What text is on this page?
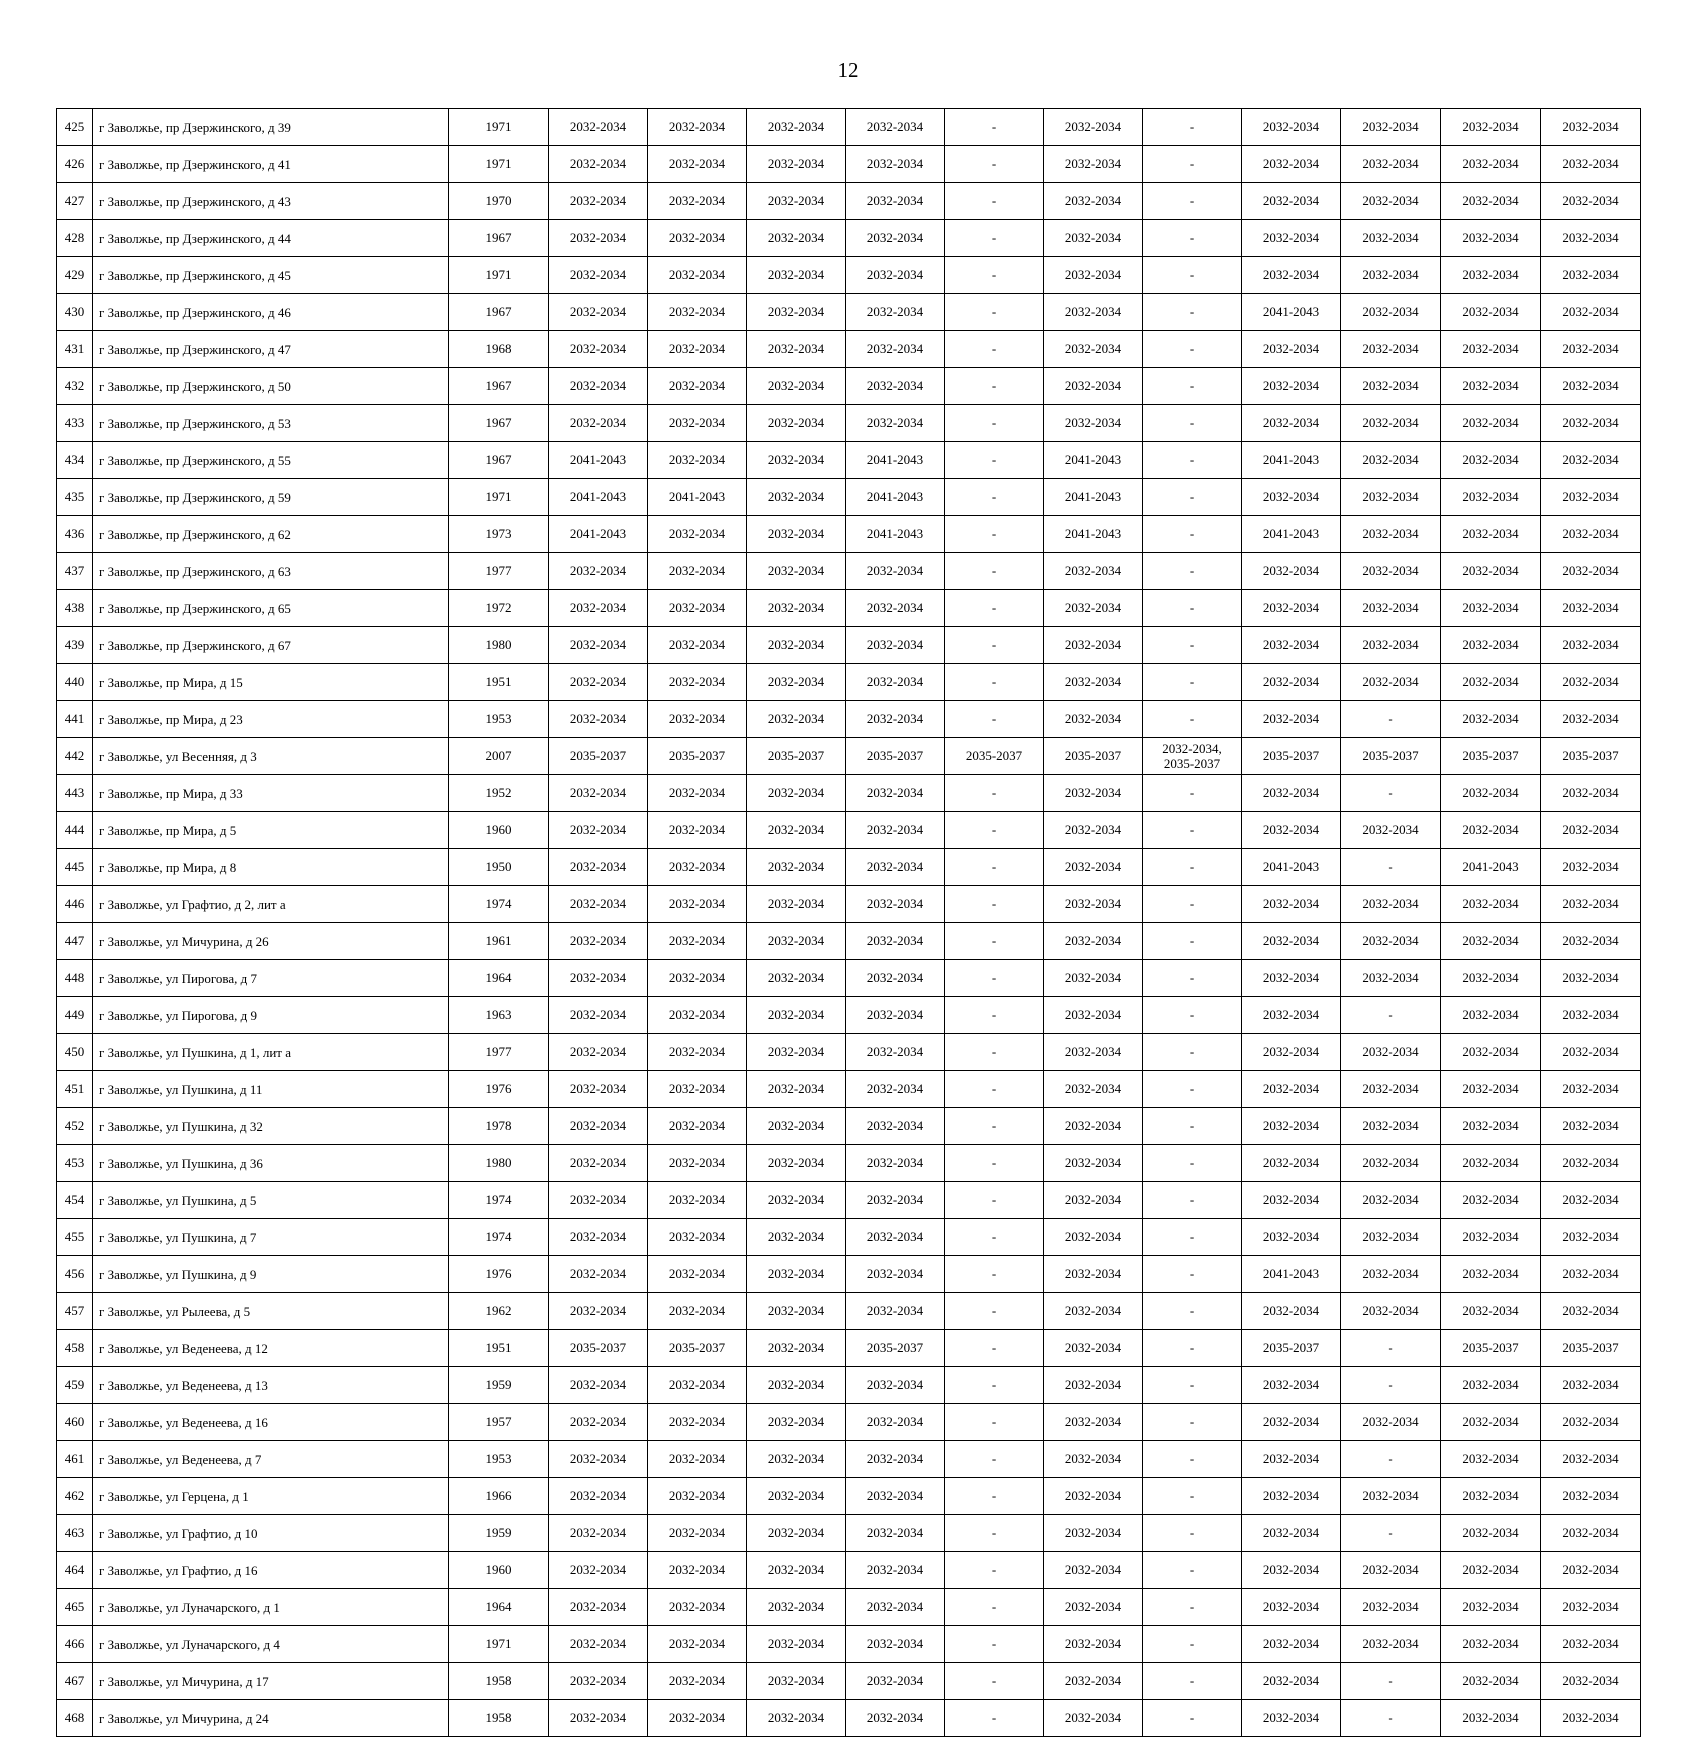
12
425	г Заволжье, пр Дзержинского, д 39	1971	2032-2034	2032-2034	2032-2034	2032-2034	-	2032-2034	-	2032-2034	2032-2034	2032-2034	2032-2034
426	г Заволжье, пр Дзержинского, д 41	1971	2032-2034	2032-2034	2032-2034	2032-2034	-	2032-2034	-	2032-2034	2032-2034	2032-2034	2032-2034
427	г Заволжье, пр Дзержинского, д 43	1970	2032-2034	2032-2034	2032-2034	2032-2034	-	2032-2034	-	2032-2034	2032-2034	2032-2034	2032-2034
428	г Заволжье, пр Дзержинского, д 44	1967	2032-2034	2032-2034	2032-2034	2032-2034	-	2032-2034	-	2032-2034	2032-2034	2032-2034	2032-2034
429	г Заволжье, пр Дзержинского, д 45	1971	2032-2034	2032-2034	2032-2034	2032-2034	-	2032-2034	-	2032-2034	2032-2034	2032-2034	2032-2034
430	г Заволжье, пр Дзержинского, д 46	1967	2032-2034	2032-2034	2032-2034	2032-2034	-	2032-2034	-	2041-2043	2032-2034	2032-2034	2032-2034
431	г Заволжье, пр Дзержинского, д 47	1968	2032-2034	2032-2034	2032-2034	2032-2034	-	2032-2034	-	2032-2034	2032-2034	2032-2034	2032-2034
432	г Заволжье, пр Дзержинского, д 50	1967	2032-2034	2032-2034	2032-2034	2032-2034	-	2032-2034	-	2032-2034	2032-2034	2032-2034	2032-2034
433	г Заволжье, пр Дзержинского, д 53	1967	2032-2034	2032-2034	2032-2034	2032-2034	-	2032-2034	-	2032-2034	2032-2034	2032-2034	2032-2034
434	г Заволжье, пр Дзержинского, д 55	1967	2041-2043	2032-2034	2032-2034	2041-2043	-	2041-2043	-	2041-2043	2032-2034	2032-2034	2032-2034
435	г Заволжье, пр Дзержинского, д 59	1971	2041-2043	2041-2043	2032-2034	2041-2043	-	2041-2043	-	2032-2034	2032-2034	2032-2034	2032-2034
436	г Заволжье, пр Дзержинского, д 62	1973	2041-2043	2032-2034	2032-2034	2041-2043	-	2041-2043	-	2041-2043	2032-2034	2032-2034	2032-2034
437	г Заволжье, пр Дзержинского, д 63	1977	2032-2034	2032-2034	2032-2034	2032-2034	-	2032-2034	-	2032-2034	2032-2034	2032-2034	2032-2034
438	г Заволжье, пр Дзержинского, д 65	1972	2032-2034	2032-2034	2032-2034	2032-2034	-	2032-2034	-	2032-2034	2032-2034	2032-2034	2032-2034
439	г Заволжье, пр Дзержинского, д 67	1980	2032-2034	2032-2034	2032-2034	2032-2034	-	2032-2034	-	2032-2034	2032-2034	2032-2034	2032-2034
440	г Заволжье, пр Мира, д 15	1951	2032-2034	2032-2034	2032-2034	2032-2034	-	2032-2034	-	2032-2034	2032-2034	2032-2034	2032-2034
441	г Заволжье, пр Мира, д 23	1953	2032-2034	2032-2034	2032-2034	2032-2034	-	2032-2034	-	2032-2034	-	2032-2034	2032-2034
442	г Заволжье, ул Весенняя, д 3	2007	2035-2037	2035-2037	2035-2037	2035-2037	2035-2037	2035-2037	2032-2034, 2035-2037	2035-2037	2035-2037	2035-2037	2035-2037
443	г Заволжье, пр Мира, д 33	1952	2032-2034	2032-2034	2032-2034	2032-2034	-	2032-2034	-	2032-2034	-	2032-2034	2032-2034
444	г Заволжье, пр Мира, д 5	1960	2032-2034	2032-2034	2032-2034	2032-2034	-	2032-2034	-	2032-2034	2032-2034	2032-2034	2032-2034
445	г Заволжье, пр Мира, д 8	1950	2032-2034	2032-2034	2032-2034	2032-2034	-	2032-2034	-	2041-2043	-	2041-2043	2032-2034
446	г Заволжье, ул Графтио, д 2, лит а	1974	2032-2034	2032-2034	2032-2034	2032-2034	-	2032-2034	-	2032-2034	2032-2034	2032-2034	2032-2034
447	г Заволжье, ул Мичурина, д 26	1961	2032-2034	2032-2034	2032-2034	2032-2034	-	2032-2034	-	2032-2034	2032-2034	2032-2034	2032-2034
448	г Заволжье, ул Пирогова, д 7	1964	2032-2034	2032-2034	2032-2034	2032-2034	-	2032-2034	-	2032-2034	2032-2034	2032-2034	2032-2034
449	г Заволжье, ул Пирогова, д 9	1963	2032-2034	2032-2034	2032-2034	2032-2034	-	2032-2034	-	2032-2034	-	2032-2034	2032-2034
450	г Заволжье, ул Пушкина, д 1, лит а	1977	2032-2034	2032-2034	2032-2034	2032-2034	-	2032-2034	-	2032-2034	2032-2034	2032-2034	2032-2034
451	г Заволжье, ул Пушкина, д 11	1976	2032-2034	2032-2034	2032-2034	2032-2034	-	2032-2034	-	2032-2034	2032-2034	2032-2034	2032-2034
452	г Заволжье, ул Пушкина, д 32	1978	2032-2034	2032-2034	2032-2034	2032-2034	-	2032-2034	-	2032-2034	2032-2034	2032-2034	2032-2034
453	г Заволжье, ул Пушкина, д 36	1980	2032-2034	2032-2034	2032-2034	2032-2034	-	2032-2034	-	2032-2034	2032-2034	2032-2034	2032-2034
454	г Заволжье, ул Пушкина, д 5	1974	2032-2034	2032-2034	2032-2034	2032-2034	-	2032-2034	-	2032-2034	2032-2034	2032-2034	2032-2034
455	г Заволжье, ул Пушкина, д 7	1974	2032-2034	2032-2034	2032-2034	2032-2034	-	2032-2034	-	2032-2034	2032-2034	2032-2034	2032-2034
456	г Заволжье, ул Пушкина, д 9	1976	2032-2034	2032-2034	2032-2034	2032-2034	-	2032-2034	-	2041-2043	2032-2034	2032-2034	2032-2034
457	г Заволжье, ул Рылеева, д 5	1962	2032-2034	2032-2034	2032-2034	2032-2034	-	2032-2034	-	2032-2034	2032-2034	2032-2034	2032-2034
458	г Заволжье, ул Веденеева, д 12	1951	2035-2037	2035-2037	2032-2034	2035-2037	-	2032-2034	-	2035-2037	-	2035-2037	2035-2037
459	г Заволжье, ул Веденеева, д 13	1959	2032-2034	2032-2034	2032-2034	2032-2034	-	2032-2034	-	2032-2034	-	2032-2034	2032-2034
460	г Заволжье, ул Веденеева, д 16	1957	2032-2034	2032-2034	2032-2034	2032-2034	-	2032-2034	-	2032-2034	2032-2034	2032-2034	2032-2034
461	г Заволжье, ул Веденеева, д 7	1953	2032-2034	2032-2034	2032-2034	2032-2034	-	2032-2034	-	2032-2034	-	2032-2034	2032-2034
462	г Заволжье, ул Герцена, д 1	1966	2032-2034	2032-2034	2032-2034	2032-2034	-	2032-2034	-	2032-2034	2032-2034	2032-2034	2032-2034
463	г Заволжье, ул Графтио, д 10	1959	2032-2034	2032-2034	2032-2034	2032-2034	-	2032-2034	-	2032-2034	-	2032-2034	2032-2034
464	г Заволжье, ул Графтио, д 16	1960	2032-2034	2032-2034	2032-2034	2032-2034	-	2032-2034	-	2032-2034	2032-2034	2032-2034	2032-2034
465	г Заволжье, ул Луначарского, д 1	1964	2032-2034	2032-2034	2032-2034	2032-2034	-	2032-2034	-	2032-2034	2032-2034	2032-2034	2032-2034
466	г Заволжье, ул Луначарского, д 4	1971	2032-2034	2032-2034	2032-2034	2032-2034	-	2032-2034	-	2032-2034	2032-2034	2032-2034	2032-2034
467	г Заволжье, ул Мичурина, д 17	1958	2032-2034	2032-2034	2032-2034	2032-2034	-	2032-2034	-	2032-2034	-	2032-2034	2032-2034
468	г Заволжье, ул Мичурина, д 24	1958	2032-2034	2032-2034	2032-2034	2032-2034	-	2032-2034	-	2032-2034	-	2032-2034	2032-2034
